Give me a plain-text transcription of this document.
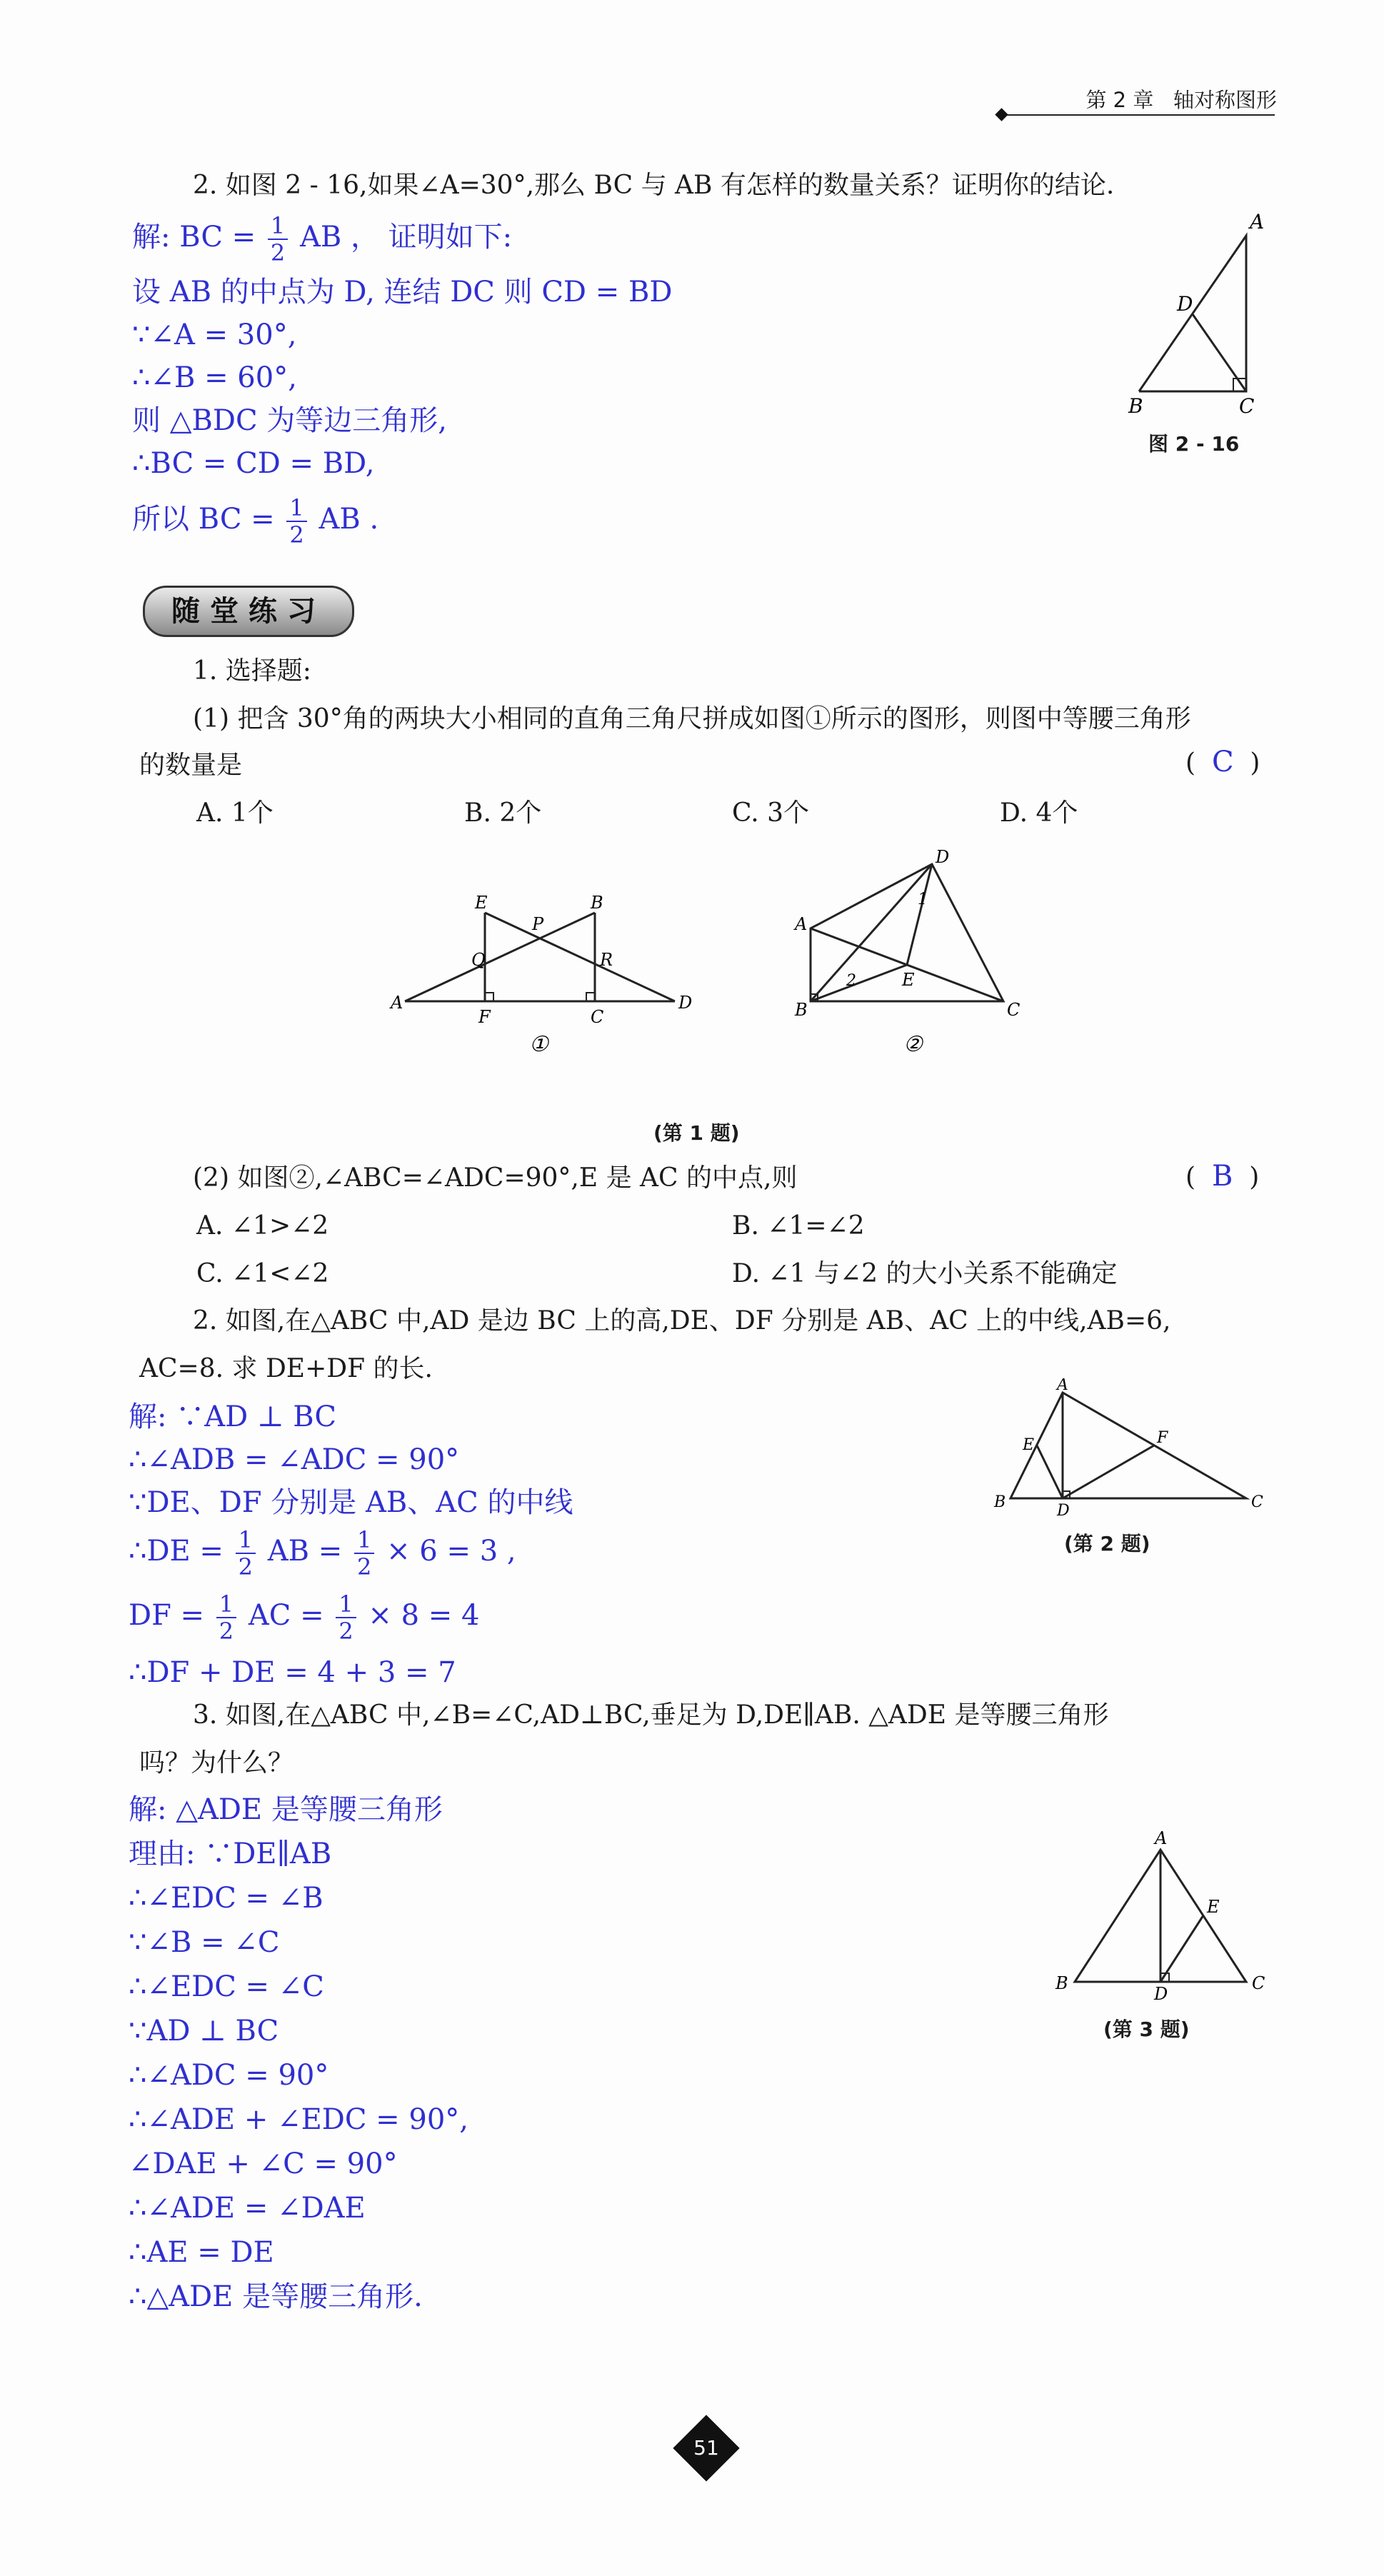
第 2 章 轴对称图形
2. 如图 2 - 16,如果∠A=30°,那么 BC 与 AB 有怎样的数量关系？证明你的结论.
解: BC = $\frac{1}{2}$ AB ， 证明如下:
设 AB 的中点为 D, 连结 DC 则 CD = BD
∵∠A = 30°,
∴∠B = 60°,
则 △BDC 为等边三角形,
∴BC = CD = BD,
所以 BC = $\frac{1}{2}$ AB .
A
D
B	C
图 2 - 16
随堂练习
1. 选择题:
(1) 把含 30°角的两块大小相同的直角三角尺拼成如图①所示的图形，则图中等腰三角形
的数量是	(  C  )
A. 1个	B. 2个	C. 3个	D. 4个
E
P
B
Q	R
A
F	C
D
①
D
A
1
2	E
B	C
②
(第 1 题)
(2) 如图②,∠ABC=∠ADC=90°,E 是 AC 的中点,则	(  B  )
A. ∠1>∠2	B. ∠1=∠2
C. ∠1<∠2	D. ∠1 与∠2 的大小关系不能确定
2. 如图,在△ABC 中,AD 是边 BC 上的高,DE、DF 分别是 AB、AC 上的中线,AB=6,
AC=8. 求 DE+DF 的长.
解: ∵AD ⊥ BC
∴∠ADB = ∠ADC = 90°
∵DE、DF 分别是 AB、AC 的中线
∴DE = $\frac{1}{2}$ AB = $\frac{1}{2} \times 6 = 3$ ,
DF = $\frac{1}{2}$ AC = $\frac{1}{2} \times 8 = 4$
∴DF + DE = 4 + 3 = 7
A
E	F
B	D	C
(第 2 题)
3. 如图,在△ABC 中,∠B=∠C,AD⊥BC,垂足为 D,DE∥AB. △ADE 是等腰三角形
吗？为什么？
解: △ADE 是等腰三角形
理由: ∵DE∥AB
∴∠EDC = ∠B
∵∠B = ∠C
∴∠EDC = ∠C
∵AD ⊥ BC
∴∠ADC = 90°
∴∠ADE + ∠EDC = 90°,
∠DAE + ∠C = 90°
∴∠ADE = ∠DAE
∴AE = DE
∴△ADE 是等腰三角形.
A
E
B
D
C
(第 3 题)
51
